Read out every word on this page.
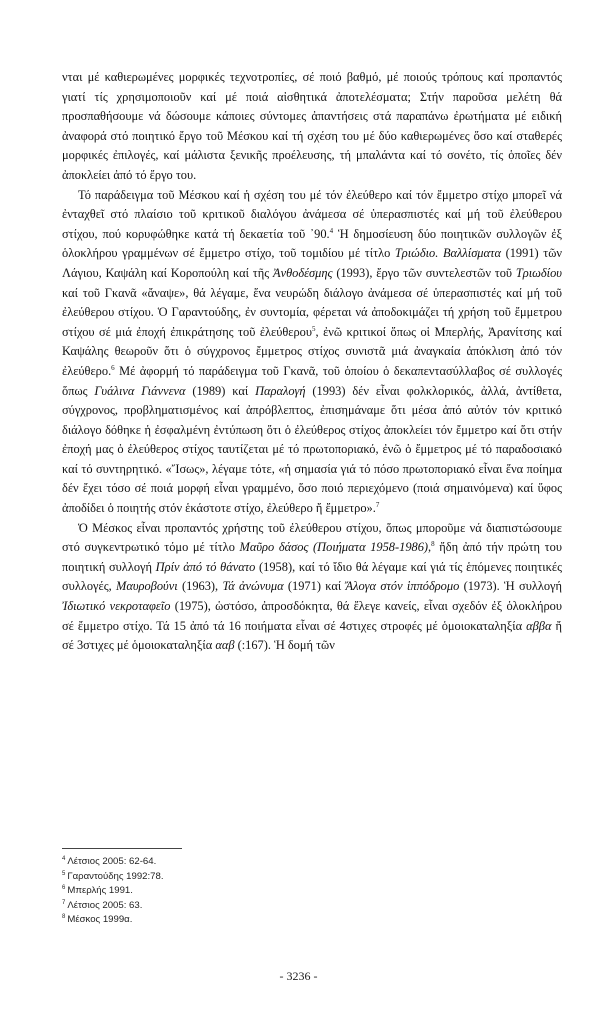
νται μέ καθιερωμένες μορφικές τεχνοτροπίες, σέ ποιό βαθμό, μέ ποιούς τρόπους καί προπαντός γιατί τίς χρησιμοποιοῦν καί μέ ποιά αἰσθητικά ἀποτελέσματα; Στήν παροῦσα μελέτη θά προσπαθήσουμε νά δώσουμε κάποιες σύντομες ἀπαντήσεις στά παραπάνω ἐρωτήματα μέ ειδική ἀναφορά στό ποιητικό ἔργο τοῦ Μέσκου καί τή σχέση του μέ δύο καθιερωμένες ὅσο καί σταθερές μορφικές ἐπιλογές, καί μάλιστα ξενικῆς προέλευσης, τή μπαλάντα καί τό σονέτο, τίς ὁποῖες δέν ἀποκλείει ἀπό τό ἔργο του.

Τό παράδειγμα τοῦ Μέσκου καί ἡ σχέση του μέ τόν ἐλεύθερο καί τόν ἔμμετρο στίχο μπορεῖ νά ἐνταχθεῖ στό πλαίσιο τοῦ κριτικοῦ διαλόγου ἀνάμεσα σέ ὑπερασπιστές καί μή τοῦ ἐλεύθερου στίχου, πού κορυφώθηκε κατά τή δεκαετία τοῦ ᾽90.$^4$ Ἡ δημοσίευση δύο ποιητικῶν συλλογῶν ἐξ ὁλοκλήρου γραμμένων σέ ἔμμετρο στίχο, τοῦ τομιδίου μέ τίτλο Τριώδιο. Βαλλίσματα (1991) τῶν Λάγιου, Καψάλη καί Κοροπούλη καί τῆς Ἀνθοδέσμης (1993), ἔργο τῶν συντελεστῶν τοῦ Τριωδίου καί τοῦ Γκανᾶ «ἄναψε», θά λέγαμε, ἕνα νευρώδη διάλογο ἀνάμεσα σέ ὑπερασπιστές καί μή τοῦ ἐλεύθερου στίχου. Ὁ Γαραντούδης, ἐν συντομία, φέρεται νά ἀποδοκιμάζει τή χρήση τοῦ ἔμμετρου στίχου σέ μιά ἐποχή ἐπικράτησης τοῦ ἐλεύθερου$^5$, ἐνῶ κριτικοί ὅπως οἱ Μπερλής, Ἀρανίτσης καί Καψάλης θεωροῦν ὅτι ὁ σύγχρονος ἔμμετρος στίχος συνιστᾶ μιά ἀναγκαία ἀπόκλιση ἀπό τόν ἐλεύθερο.$^6$ Μέ ἀφορμή τό παράδειγμα τοῦ Γκανᾶ, τοῦ ὁποίου ὁ δεκαπεντασύλλαβος σέ συλλογές ὅπως Γυάλινα Γιάννενα (1989) καί Παραλογή (1993) δέν εἶναι φολκλορικός, ἀλλά, ἀντίθετα, σύγχρονος, προβληματισμένος καί ἀπρόβλεπτος, ἐπισημάναμε ὅτι μέσα ἀπό αὐτόν τόν κριτικό διάλογο δόθηκε ἡ ἐσφαλμένη ἐντύπωση ὅτι ὁ ἐλεύθερος στίχος ἀποκλείει τόν ἔμμετρο καί ὅτι στήν ἐποχή μας ὁ ἐλεύθερος στίχος ταυτίζεται μέ τό πρωτοποριακό, ἐνῶ ὁ ἔμμετρος μέ τό παραδοσιακό καί τό συντηρητικό. «Ἴσως», λέγαμε τότε, «ἡ σημασία γιά τό πόσο πρωτοποριακό εἶναι ἕνα ποίημα δέν ἔχει τόσο σέ ποιά μορφή εἶναι γραμμένο, ὅσο ποιό περιεχόμενο (ποιά σημαινόμενα) καί ὕφος ἀποδίδει ὁ ποιητής στόν ἑκάστοτε στίχο, ἐλεύθερο ἤ ἔμμετρο».$^7$

Ὁ Μέσκος εἶναι προπαντός χρήστης τοῦ ἐλεύθερου στίχου, ὅπως μποροῦμε νά διαπιστώσουμε στό συγκεντρωτικό τόμο μέ τίτλο Μαῦρο δάσος (Ποιήματα 1958-1986),$^8$ ἤδη ἀπό τήν πρώτη του ποιητική συλλογή Πρίν ἀπό τό θάνατο (1958), καί τό ἴδιο θά λέγαμε καί γιά τίς ἑπόμενες ποιητικές συλλογές, Μαυροβούνι (1963), Τά ἀνώνυμα (1971) καί Ἄλογα στόν ἱππόδρομο (1973). Ἡ συλλογή Ἰδιωτικό νεκροταφεῖο (1975), ὡστόσο, ἀπροσδόκητα, θά ἔλεγε κανείς, εἶναι σχεδόν ἐξ ὁλοκλήρου σέ ἔμμετρο στίχο. Τά 15 ἀπό τά 16 ποιήματα εἶναι σέ 4στιχες στροφές μέ ὁμοιοκαταληξία αββα ἤ σέ 3στιχες μέ ὁμοιοκαταληξία ααβ (:167). Ἡ δομή τῶν

$^4$ Λέτσιος 2005: 62-64.
$^5$ Γαραντούδης 1992:78.
$^6$ Μπερλής 1991.
$^7$ Λέτσιος 2005: 63.
$^8$ Μέσκος 1999α.
- 3236 -
